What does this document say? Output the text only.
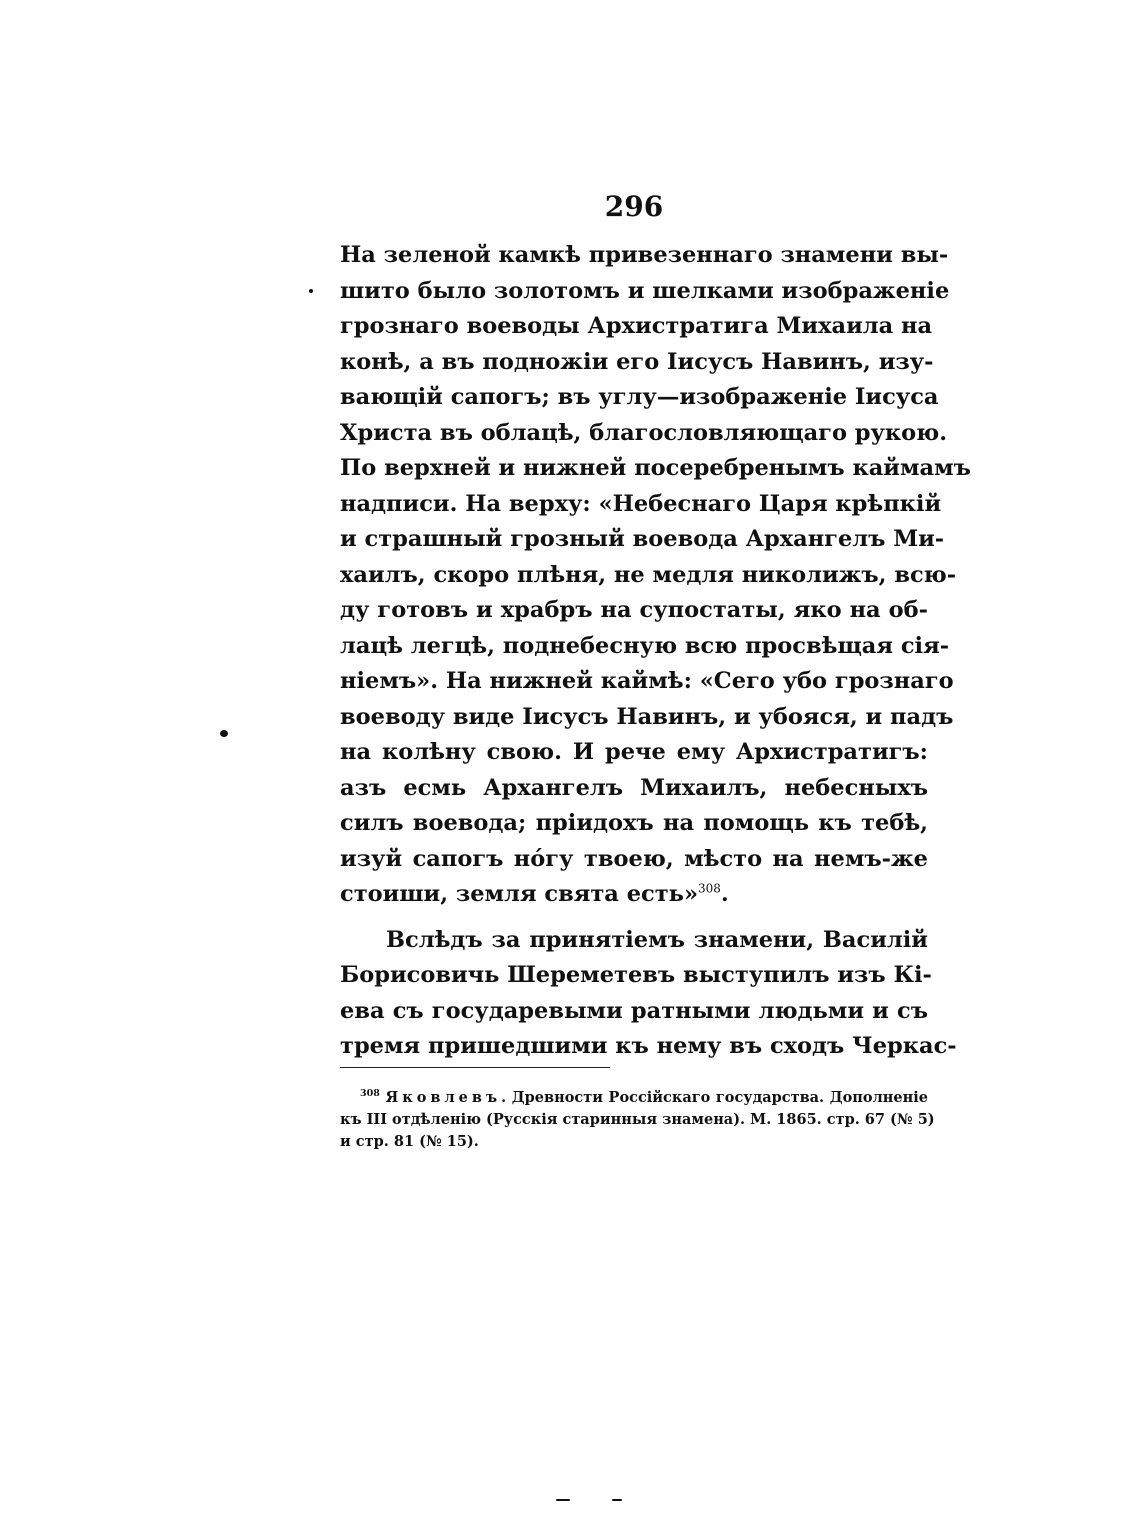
296
На зеленой камкѣ привезеннаго знамени вы-
шито было золотомъ и шелками изображеніе
грознаго воеводы Архистратига Михаила на
конѣ, а въ подножіи его Іисусъ Навинъ, изу-
вающій сапогъ; въ углу—изображеніе Іисуса
Христа въ облацѣ, благословляющаго рукою.
По верхней и нижней посеребренымъ каймамъ
надписи. На верху: «Небеснаго Царя крѣпкій
и страшный грозный воевода Архангелъ Ми-
хаилъ, скоро плѣня, не медля николижъ, всю-
ду готовъ и храбръ на супостаты, яко на об-
лацѣ легцѣ, поднебесную всю просвѣщая сія-
ніемъ». На нижней каймѣ: «Сего убо грознаго
воеводу виде Іисусъ Навинъ, и убояся, и падъ
на колѣну свою. И рече ему Архистратигъ:
азъ есмь Архангелъ Михаилъ, небесныхъ
силъ воевода; пріидохъ на помощь къ тебѣ,
изуй сапогъ нóгу твоею, мѣсто на немъ-же
стоиши, земля свята есть»$^{308}$.
Вслѣдъ за принятіемъ знамени, Василій
Борисовичь Шереметевъ выступилъ изъ Кі-
ева съ государевыми ратными людьми и съ
тремя пришедшими къ нему въ сходъ Черкас-
$^{308}$ Яковлевъ. Древности Россійскаго государства. Дополненіе
къ III отдѣленію (Русскія старинныя знамена). М. 1865. стр. 67 (№ 5)
и стр. 81 (№ 15).
